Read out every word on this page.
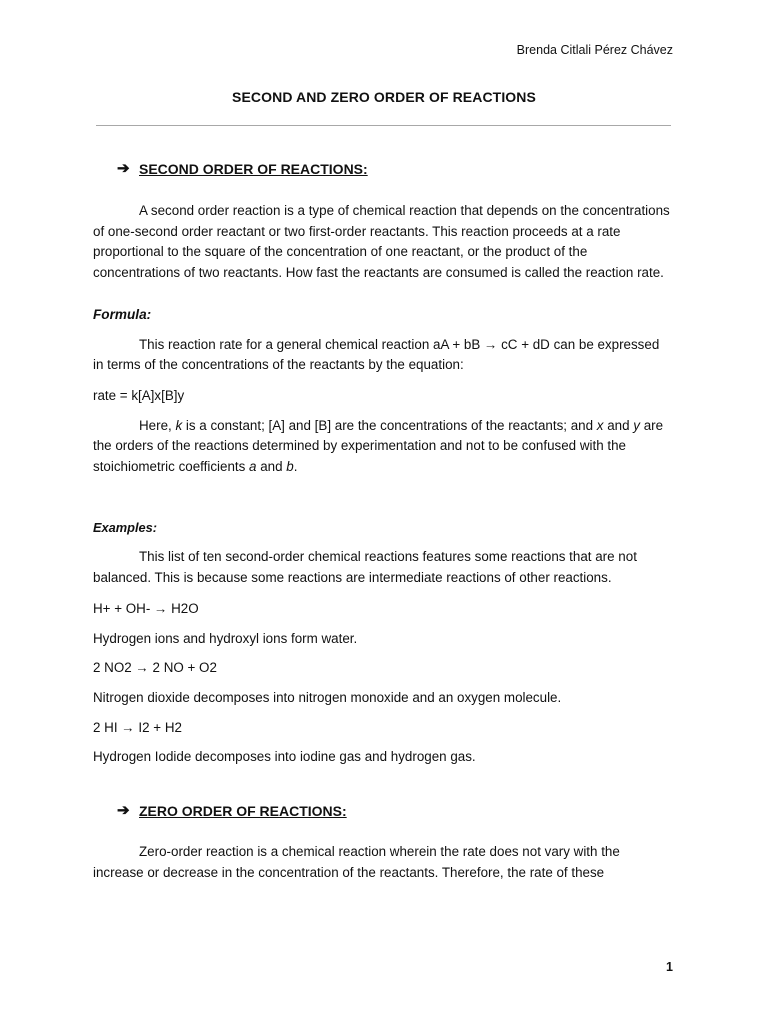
Brenda Citlali Pérez Chávez
SECOND AND ZERO ORDER OF REACTIONS
➔ SECOND ORDER OF REACTIONS:

A second order reaction is a type of chemical reaction that depends on the concentrations of one-second order reactant or two first-order reactants. This reaction proceeds at a rate proportional to the square of the concentration of one reactant, or the product of the concentrations of two reactants. How fast the reactants are consumed is called the reaction rate.

Formula:

This reaction rate for a general chemical reaction aA + bB → cC + dD can be expressed in terms of the concentrations of the reactants by the equation:

rate = k[A]x[B]y

Here, k is a constant; [A] and [B] are the concentrations of the reactants; and x and y are the orders of the reactions determined by experimentation and not to be confused with the stoichiometric coefficients a and b.

Examples:

This list of ten second-order chemical reactions features some reactions that are not balanced. This is because some reactions are intermediate reactions of other reactions.

H+ + OH- → H2O

Hydrogen ions and hydroxyl ions form water.

2 NO2 → 2 NO + O2

Nitrogen dioxide decomposes into nitrogen monoxide and an oxygen molecule.

2 HI → I2 + H2

Hydrogen Iodide decomposes into iodine gas and hydrogen gas.

➔ ZERO ORDER OF REACTIONS:

Zero-order reaction is a chemical reaction wherein the rate does not vary with the increase or decrease in the concentration of the reactants. Therefore, the rate of these

1
